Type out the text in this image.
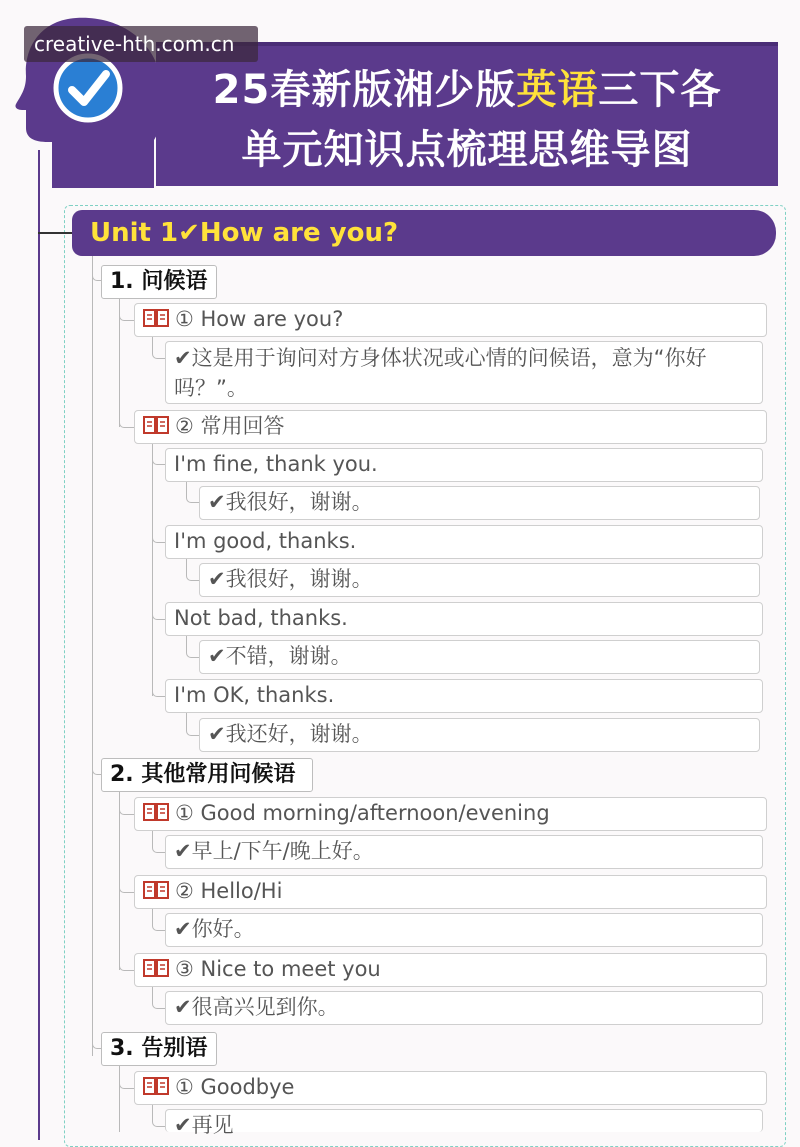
creative-hth.com.cn
25春新版湘少版英语三下各
单元知识点梳理思维导图
Unit 1✔How are you?
1. 问候语
① How are you?
✔这是用于询问对方身体状况或心情的问候语，意为“你好吗？”。
② 常用回答
I'm fine, thank you.
✔我很好，谢谢。
I'm good, thanks.
✔我很好，谢谢。
Not bad, thanks.
✔不错，谢谢。
I'm OK, thanks.
✔我还好，谢谢。
2. 其他常用问候语
① Good morning/afternoon/evening
✔早上/下午/晚上好。
② Hello/Hi
✔你好。
③ Nice to meet you
✔很高兴见到你。
3. 告别语
① Goodbye
✔再见
